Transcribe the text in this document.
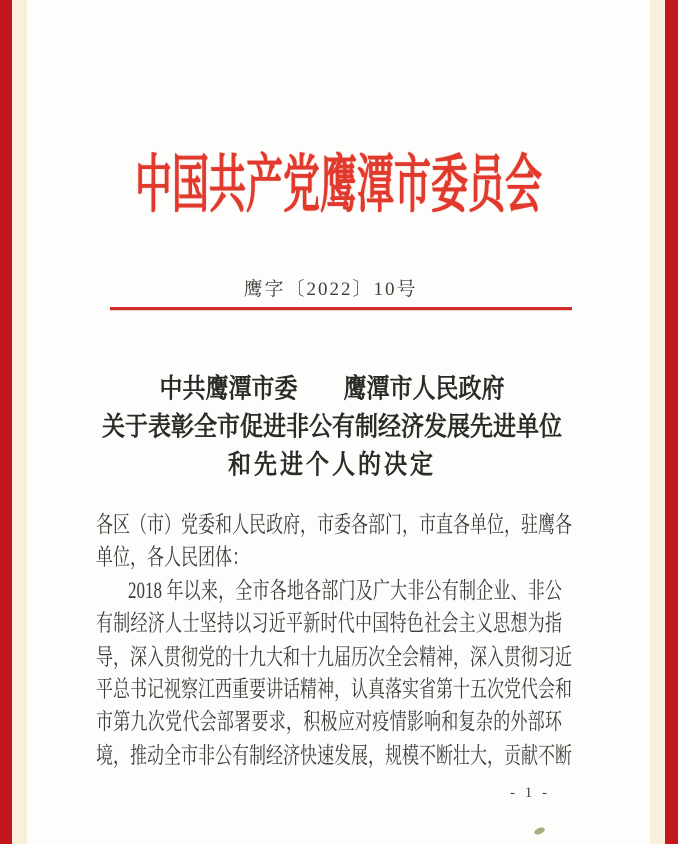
中国共产党鹰潭市委员会
鹰字〔2022〕10号
中共鹰潭市委　　鹰潭市人民政府
关于表彰全市促进非公有制经济发展先进单位
和先进个人的决定
各区（市）党委和人民政府，市委各部门，市直各单位，驻鹰各
单位，各人民团体：
2018 年以来，全市各地各部门及广大非公有制企业、非公
有制经济人士坚持以习近平新时代中国特色社会主义思想为指
导，深入贯彻党的十九大和十九届历次全会精神，深入贯彻习近
平总书记视察江西重要讲话精神，认真落实省第十五次党代会和
市第九次党代会部署要求，积极应对疫情影响和复杂的外部环
境，推动全市非公有制经济快速发展，规模不断壮大，贡献不断
- 1 -
